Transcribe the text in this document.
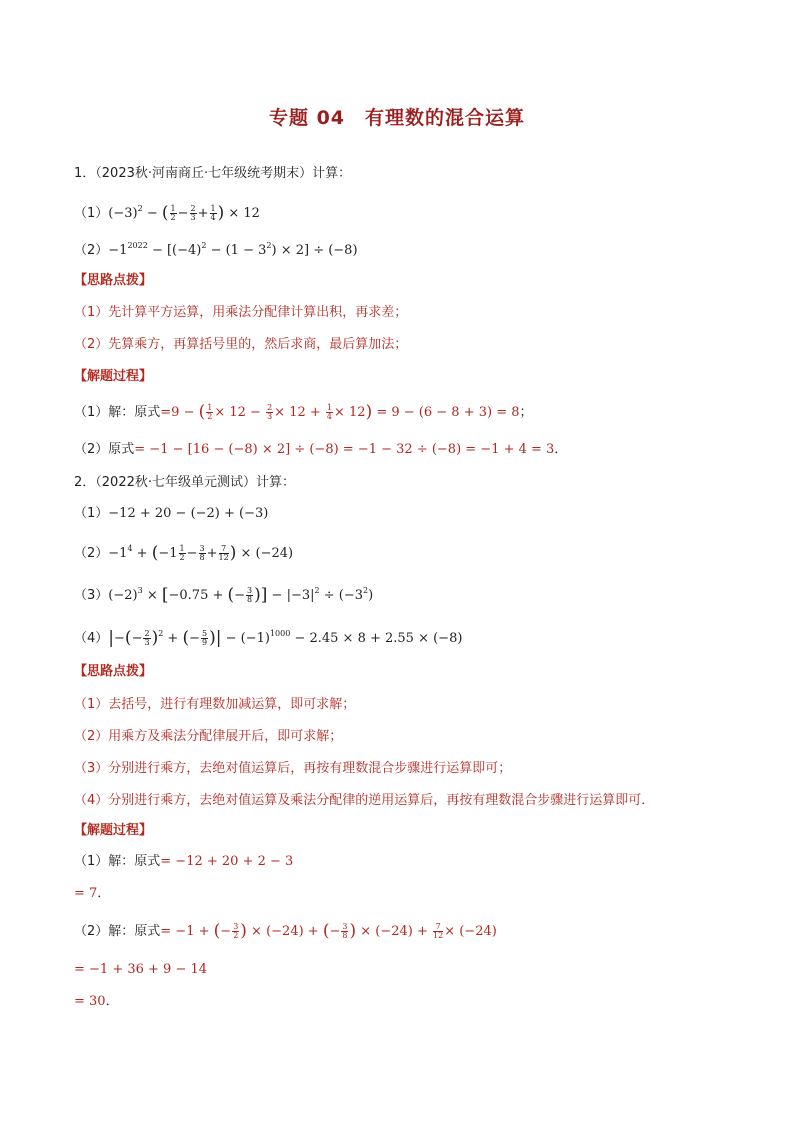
专题 04　有理数的混合运算
1．（2023秋·河南商丘·七年级统考期末）计算：
$(1)(-3)^2$ − ( $\frac{1}{2} - \frac{2}{3} + \frac{1}{4}$ ) × 12
$(2)-1^{2022} - [(-4)^2 - (1 - 3^2) \times 2] \div (-8)$
【思路点拨】
（1）先计算平方运算，用乘法分配律计算出积，再求差；
（2）先算乘方，再算括号里的，然后求商，最后算加法；
【解题过程】
（1）解：原式=9 − ( $\frac{1}{2} \times 12 - \frac{2}{3} \times 12 + \frac{1}{4} \times 12) = 9 - (6 - 8 + 3) = 8$；
（2）原式= −1 − [16 − (−8) × 2] ÷ (−8) = −1 − 32 ÷ (−8) = −1 + 4 = 3．
2．（2022秋·七年级单元测试）计算：
（1）−12 + 20 − (−2) + (−3)
$(2)-1^4 + (-1 \frac{1}{2} - \frac{3}{8} + \frac{7}{12}$ ) × (−24)
$(3)(-2)^3 \times [-0.75$ + (− $\frac{3}{8}$ )] − $|-3|^2 \div (-3^2)$
$(4)|-(- \frac{2}{3} )^2$ + (− $\frac{5}{9}$ )| − $(-1)^{1000} - 2.45 \times 8 + 2.55 \times (-8)$
【思路点拨】
（1）去括号，进行有理数加减运算，即可求解；
（2）用乘方及乘法分配律展开后，即可求解；
（3）分别进行乘方，去绝对值运算后，再按有理数混合步骤进行运算即可；
（4）分别进行乘方，去绝对值运算及乘法分配律的逆用运算后，再按有理数混合步骤进行运算即可．
【解题过程】
（1）解：原式= −12 + 20 + 2 − 3
= 7．
（2）解：原式= −1 + (− $\frac{3}{2}$ ) × (−24) + (− $\frac{3}{8}$ ) × $(-24) + \frac{7}{12} \times (-24)$
= −1 + 36 + 9 − 14
= 30．
